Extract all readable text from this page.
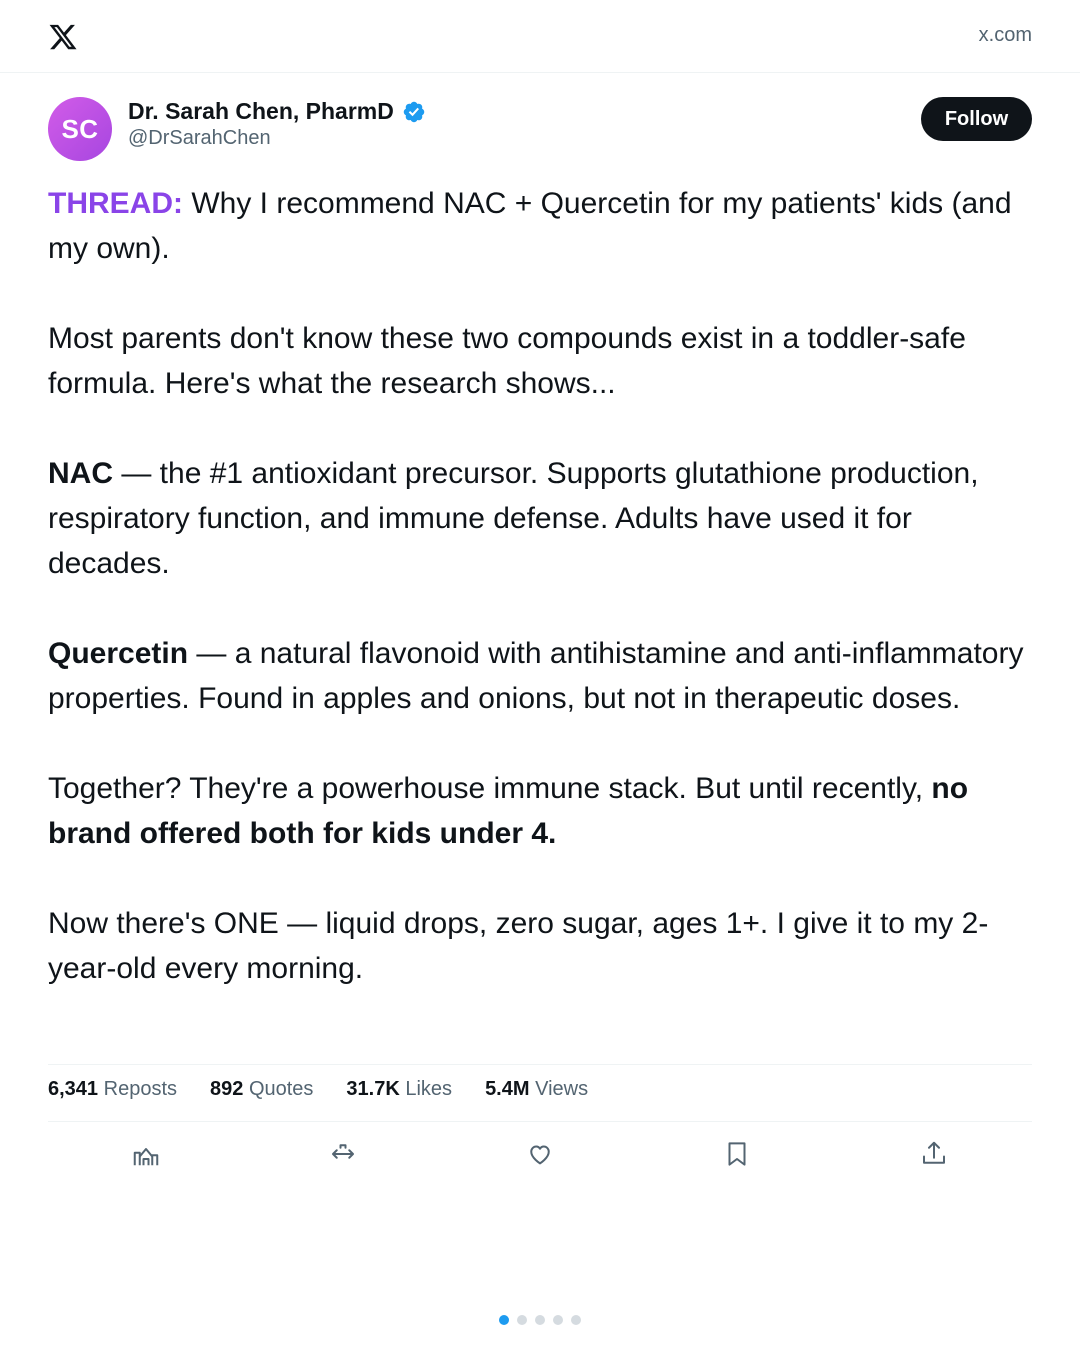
x.com
SC
Dr. Sarah Chen, PharmD
@DrSarahChen
Follow

THREAD: Why I recommend NAC + Quercetin for my patients' kids (and my own).

Most parents don't know these two compounds exist in a toddler-safe formula. Here's what the research shows...

NAC — the #1 antioxidant precursor. Supports glutathione production, respiratory function, and immune defense. Adults have used it for decades.

Quercetin — a natural flavonoid with antihistamine and anti-inflammatory properties. Found in apples and onions, but not in therapeutic doses.

Together? They're a powerhouse immune stack. But until recently, no brand offered both for kids under 4.

Now there's ONE — liquid drops, zero sugar, ages 1+. I give it to my 2-year-old every morning.

6,341 Reposts 892 Quotes 31.7K Likes 5.4M Views
